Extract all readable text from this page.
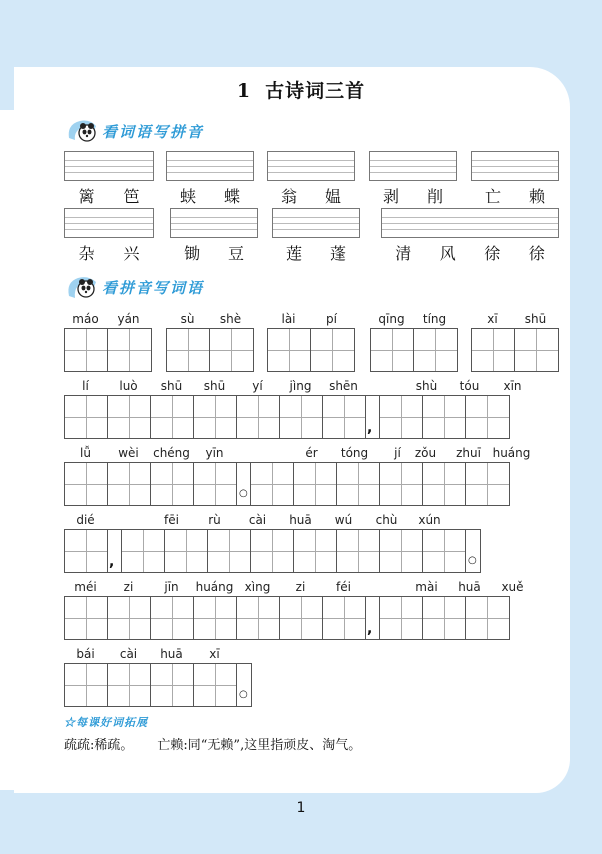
1 古诗词三首
看词语写拼音
篱 笆	蛱 蝶	翁 媪	剥 削	亡 赖
杂 兴	锄 豆	莲 蓬	清 风 徐 徐
看拼音写词语
máo	yán	sù	shè	lài	pí	qīng	tíng	xī	shū
lí	luò	shū	shū	yí	jìng	shēn	shù	tóu	xīn
,
lǚ	wèi	chéng	yīn	ér	tóng	jí	zǒu	zhuī huáng
○
dié	fēi	rù	cài	huā	wú	chù	xún
,	○
méi	zi	jīn	huáng xìng	zi	féi	mài	huā	xuě
,
bái	cài	huā	xī
○
☆每课好词拓展
疏疏:稀疏。 亡赖:同“无赖”,这里指顽皮、淘气。
1
